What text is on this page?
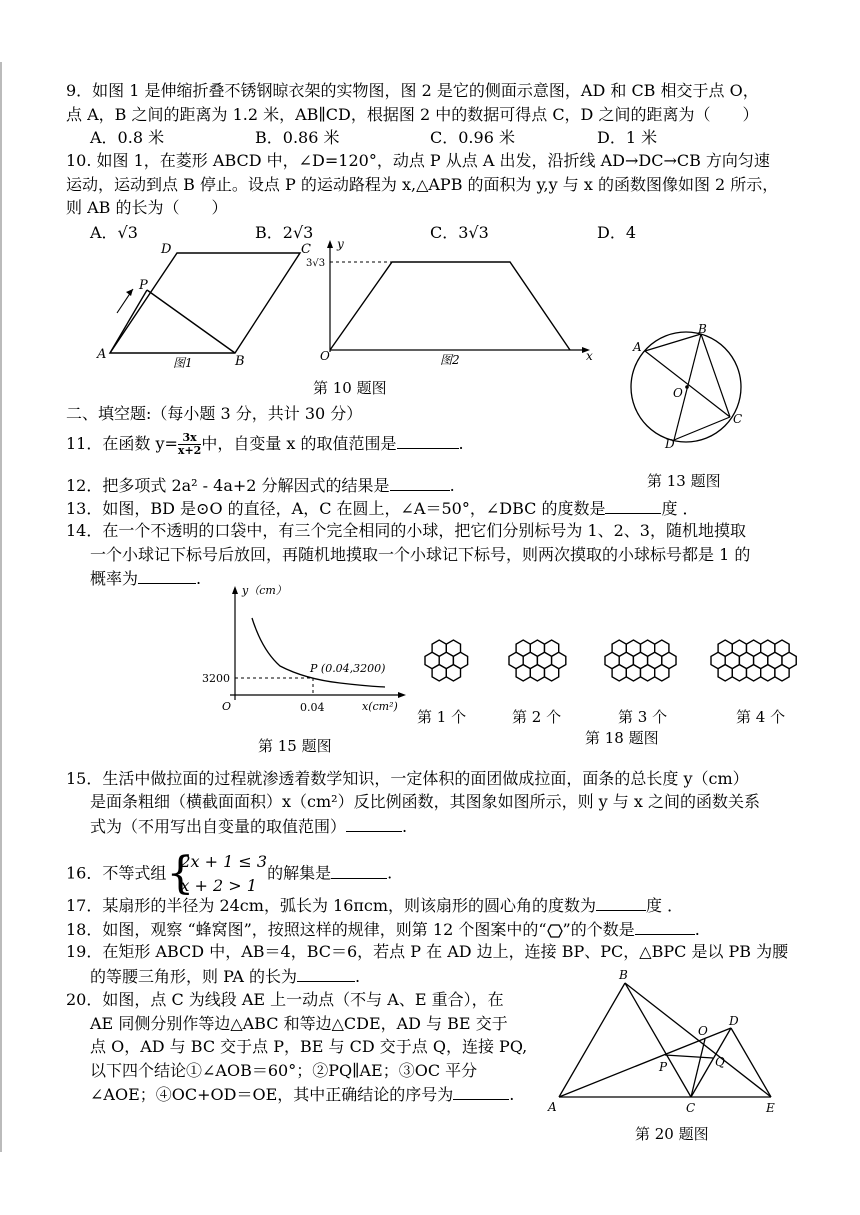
9．如图 1 是伸缩折叠不锈钢晾衣架的实物图，图 2 是它的侧面示意图，AD 和 CB 相交于点 O，
点 A，B 之间的距离为 1.2 米，AB∥CD，根据图 2 中的数据可得点 C，D 之间的距离为（　　）
A．0.8 米	B．0.86 米	C．0.96 米	D．1 米
10. 如图 1，在菱形 ABCD 中，∠D=120°，动点 P 从点 A 出发，沿折线 AD→DC→CB 方向匀速
运动，运动到点 B 停止。设点 P 的运动路程为 x,△APB 的面积为 y,y 与 x 的函数图像如图 2 所示，
则 AB 的长为（　　）
A．√3	B．2√3	C．3√3	D．4
D	C
P
A	B
图1
y
x
O
3√3
图2
第 10 题图
A
B
O
C
D
第 13 题图
二、填空题:（每小题 3 分，共计 30 分）
11．在函数 $y= \frac{3x}{x+2}$ 中，自变量 x 的取值范围是	.
12．把多项式 2a² - 4a+2 分解因式的结果是	.
13．如图，BD 是⊙O 的直径，A，C 在圆上，∠A＝50°，∠DBC 的度数是	度 ．
14．在一个不透明的口袋中，有三个完全相同的小球，把它们分别标号为 1、2、3，随机地摸取
一个小球记下标号后放回，再随机地摸取一个小球记下标号，则两次摸取的小球标号都是 1 的
概率为	.
y（cm）
x(cm²)
P (0.04,3200)
3200
0.04
O
第 15 题图
第 1 个	第 2 个	第 3 个	第 4 个
第 18 题图
15．生活中做拉面的过程就渗透着数学知识，一定体积的面团做成拉面，面条的总长度 y（cm）
是面条粗细（横截面面积）x（cm²）反比例函数，其图象如图所示，则 y 与 x 之间的函数关系
式为（不用写出自变量的取值范围）	.
16．不等式组 {
2x + 1 ≤ 3
x + 2 > 1
的解集是	.
17．某扇形的半径为 24cm，弧长为 16πcm，则该扇形的圆心角的度数为	度 ．
18．如图，观察 “蜂窝图”，按照这样的规律，则第 12 个图案中的“ ”的个数是	.
19．在矩形 ABCD 中，AB＝4，BC＝6，若点 P 在 AD 边上，连接 BP、PC，△BPC 是以 PB 为腰
的等腰三角形，则 PA 的长为	.
20．如图，点 C 为线段 AE 上一动点（不与 A、E 重合），在
AE 同侧分别作等边△ABC 和等边△CDE，AD 与 BE 交于
点 O，AD 与 BC 交于点 P，BE 与 CD 交于点 Q，连接 PQ,
以下四个结论①∠AOB＝60°；②PQ∥AE；③OC 平分
∠AOE；④OC+OD＝OE，其中正确结论的序号为	.
A
B
C
D
E
O
P	Q
第 20 题图
